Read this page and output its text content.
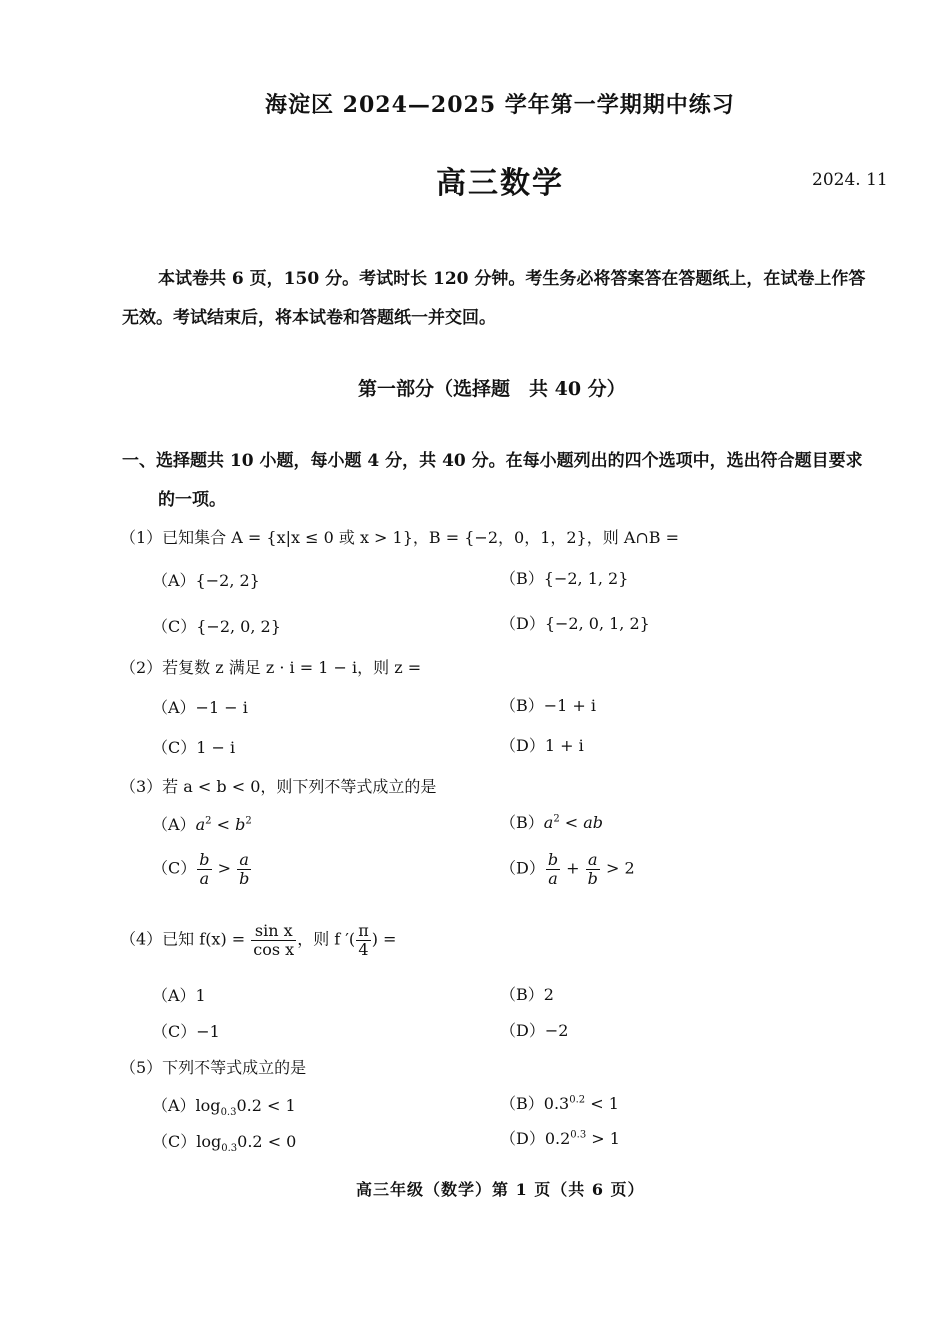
海淀区 2024—2025 学年第一学期期中练习
高三数学	2024. 11
本试卷共 6 页，150 分。考试时长 120 分钟。考生务必将答案答在答题纸上，在试卷上作答
无效。考试结束后，将本试卷和答题纸一并交回。
第一部分（选择题　共 40 分）
一、选择题共 10 小题，每小题 4 分，共 40 分。在每小题列出的四个选项中，选出符合题目要求
的一项。
（1）已知集合 A = {x|x ≤ 0 或 x > 1}，B = {−2，0，1，2}，则 A∩B =
（A）{−2, 2}	（B）{−2, 1, 2}
（C）{−2, 0, 2}	（D）{−2, 0, 1, 2}
（2）若复数 z 满足 z · i = 1 − i，则 z =
（A）−1 − i	（B）−1 + i
（C）1 − i	（D）1 + i
（3）若 a < b < 0，则下列不等式成立的是
$(A)a^2 < b^2$	$(B)a^2$ < ab
$(C) \frac{b}{a} > \frac{a}{b}$	$(D) \frac{b}{a} + \frac{a}{b} > 2$
（4）已知 $f(x) = \frac{\text{sin x}}{\text{cos x}}$ ，则 f ′( $\frac{\pi}{4}$ ) =
（A）1	（B）2
（C）−1	（D）−2
（5）下列不等式成立的是
$(A)\log_{0.3}0.2 < 1$	$(B)0.3^{0.2} < 1$
$(C)\log_{0.3}0.2 < 0$	$(D)0.2^{0.3} > 1$
高三年级（数学）第 1 页（共 6 页）
